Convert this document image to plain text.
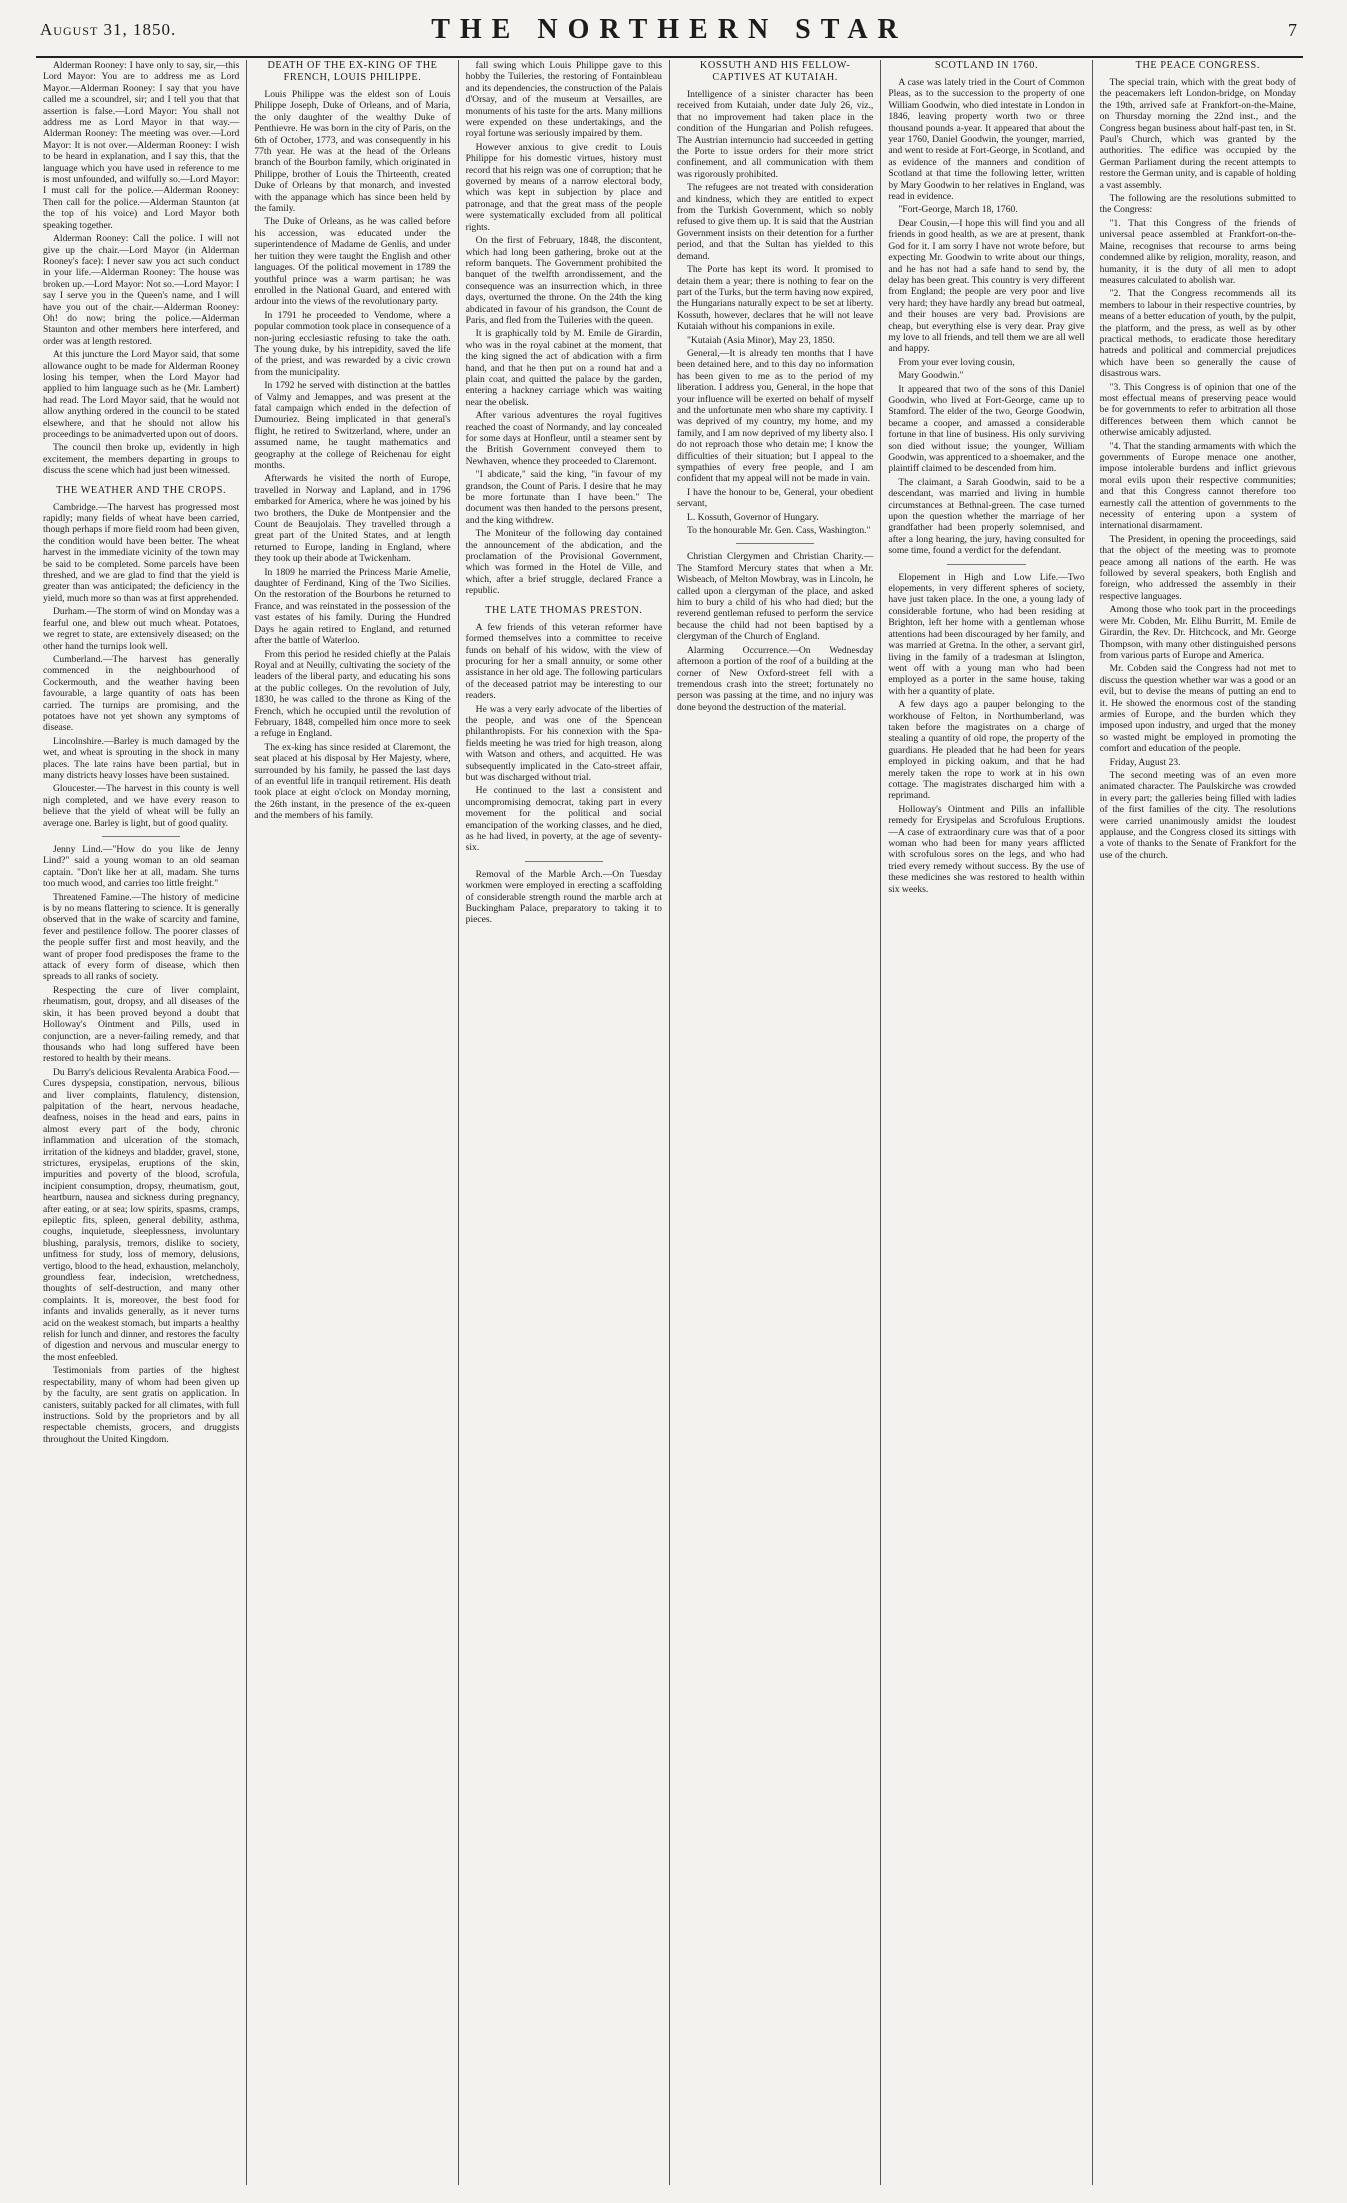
August 31, 1850.	THE NORTHERN STAR	7

Alderman Rooney: I have only to say, sir,—this Lord Mayor: You are to address me as Lord Mayor.—Alderman Rooney: I say that you have called me a scoundrel, sir; and I tell you that that assertion is false.—Lord Mayor: You shall not address me as Lord Mayor in that way.—Alderman Rooney: The meeting was over.—Lord Mayor: It is not over.—Alderman Rooney: I wish to be heard in explanation, and I say this, that the language which you have used in reference to me is most unfounded, and wilfully so.—Lord Mayor: I must call for the police.—Alderman Rooney: Then call for the police.—Alderman Staunton (at the top of his voice) and Lord Mayor both speaking together.

Alderman Rooney: Call the police. I will not give up the chair.—Lord Mayor (in Alderman Rooney's face): I never saw you act such conduct in your life.—Alderman Rooney: The house was broken up.—Lord Mayor: Not so.—Lord Mayor: I say I serve you in the Queen's name, and I will have you out of the chair.—Alderman Rooney: Oh! do now; bring the police.—Alderman Staunton and other members here interfered, and order was at length restored.

At this juncture the Lord Mayor said, that some allowance ought to be made for Alderman Rooney losing his temper, when the Lord Mayor had applied to him language such as he (Mr. Lambert) had read. The Lord Mayor said, that he would not allow anything ordered in the council to be stated elsewhere, and that he should not allow his proceedings to be animadverted upon out of doors.

The council then broke up, evidently in high excitement, the members departing in groups to discuss the scene which had just been witnessed.

THE WEATHER AND THE CROPS.

Cambridge.—The harvest has progressed most rapidly; many fields of wheat have been carried, though perhaps if more field room had been given, the condition would have been better. The wheat harvest in the immediate vicinity of the town may be said to be completed. Some parcels have been threshed, and we are glad to find that the yield is greater than was anticipated; the deficiency in the yield, much more so than was at first apprehended.

Durham.—The storm of wind on Monday was a fearful one, and blew out much wheat. Potatoes, we regret to state, are extensively diseased; on the other hand the turnips look well.

Cumberland.—The harvest has generally commenced in the neighbourhood of Cockermouth, and the weather having been favourable, a large quantity of oats has been carried. The turnips are promising, and the potatoes have not yet shown any symptoms of disease.

Lincolnshire.—Barley is much damaged by the wet, and wheat is sprouting in the shock in many places. The late rains have been partial, but in many districts heavy losses have been sustained.

Gloucester.—The harvest in this county is well nigh completed, and we have every reason to believe that the yield of wheat will be fully an average one. Barley is light, but of good quality.

Jenny Lind.—"How do you like de Jenny Lind?" said a young woman to an old seaman captain. "Don't like her at all, madam. She turns too much wood, and carries too little freight."

Threatened Famine.—The history of medicine is by no means flattering to science. It is generally observed that in the wake of scarcity and famine, fever and pestilence follow. The poorer classes of the people suffer first and most heavily, and the want of proper food predisposes the frame to the attack of every form of disease, which then spreads to all ranks of society.

Respecting the cure of liver complaint, rheumatism, gout, dropsy, and all diseases of the skin, it has been proved beyond a doubt that Holloway's Ointment and Pills, used in conjunction, are a never-failing remedy, and that thousands who had long suffered have been restored to health by their means.

Du Barry's delicious Revalenta Arabica Food.—Cures dyspepsia, constipation, nervous, bilious and liver complaints, flatulency, distension, palpitation of the heart, nervous headache, deafness, noises in the head and ears, pains in almost every part of the body, chronic inflammation and ulceration of the stomach, irritation of the kidneys and bladder, gravel, stone, strictures, erysipelas, eruptions of the skin, impurities and poverty of the blood, scrofula, incipient consumption, dropsy, rheumatism, gout, heartburn, nausea and sickness during pregnancy, after eating, or at sea; low spirits, spasms, cramps, epileptic fits, spleen, general debility, asthma, coughs, inquietude, sleeplessness, involuntary blushing, paralysis, tremors, dislike to society, unfitness for study, loss of memory, delusions, vertigo, blood to the head, exhaustion, melancholy, groundless fear, indecision, wretchedness, thoughts of self-destruction, and many other complaints. It is, moreover, the best food for infants and invalids generally, as it never turns acid on the weakest stomach, but imparts a healthy relish for lunch and dinner, and restores the faculty of digestion and nervous and muscular energy to the most enfeebled.

Testimonials from parties of the highest respectability, many of whom had been given up by the faculty, are sent gratis on application. In canisters, suitably packed for all climates, with full instructions. Sold by the proprietors and by all respectable chemists, grocers, and druggists throughout the United Kingdom.

DEATH OF THE EX-KING OF THE FRENCH, LOUIS PHILIPPE.

Louis Philippe was the eldest son of Louis Philippe Joseph, Duke of Orleans, and of Maria, the only daughter of the wealthy Duke of Penthievre. He was born in the city of Paris, on the 6th of October, 1773, and was consequently in his 77th year. He was at the head of the Orleans branch of the Bourbon family, which originated in Philippe, brother of Louis the Thirteenth, created Duke of Orleans by that monarch, and invested with the appanage which has since been held by the family.

The Duke of Orleans, as he was called before his accession, was educated under the superintendence of Madame de Genlis, and under her tuition they were taught the English and other languages. Of the political movement in 1789 the youthful prince was a warm partisan; he was enrolled in the National Guard, and entered with ardour into the views of the revolutionary party.

In 1791 he proceeded to Vendome, where a popular commotion took place in consequence of a non-juring ecclesiastic refusing to take the oath. The young duke, by his intrepidity, saved the life of the priest, and was rewarded by a civic crown from the municipality.

In 1792 he served with distinction at the battles of Valmy and Jemappes, and was present at the fatal campaign which ended in the defection of Dumouriez. Being implicated in that general's flight, he retired to Switzerland, where, under an assumed name, he taught mathematics and geography at the college of Reichenau for eight months.

Afterwards he visited the north of Europe, travelled in Norway and Lapland, and in 1796 embarked for America, where he was joined by his two brothers, the Duke de Montpensier and the Count de Beaujolais. They travelled through a great part of the United States, and at length returned to Europe, landing in England, where they took up their abode at Twickenham.

In 1809 he married the Princess Marie Amelie, daughter of Ferdinand, King of the Two Sicilies. On the restoration of the Bourbons he returned to France, and was reinstated in the possession of the vast estates of his family. During the Hundred Days he again retired to England, and returned after the battle of Waterloo.

From this period he resided chiefly at the Palais Royal and at Neuilly, cultivating the society of the leaders of the liberal party, and educating his sons at the public colleges. On the revolution of July, 1830, he was called to the throne as King of the French, which he occupied until the revolution of February, 1848, compelled him once more to seek a refuge in England.

The ex-king has since resided at Claremont, the seat placed at his disposal by Her Majesty, where, surrounded by his family, he passed the last days of an eventful life in tranquil retirement. His death took place at eight o'clock on Monday morning, the 26th instant, in the presence of the ex-queen and the members of his family.

fall swing which Louis Philippe gave to this hobby the Tuileries, the restoring of Fontainbleau and its dependencies, the construction of the Palais d'Orsay, and of the museum at Versailles, are monuments of his taste for the arts. Many millions were expended on these undertakings, and the royal fortune was seriously impaired by them.

However anxious to give credit to Louis Philippe for his domestic virtues, history must record that his reign was one of corruption; that he governed by means of a narrow electoral body, which was kept in subjection by place and patronage, and that the great mass of the people were systematically excluded from all political rights.

On the first of February, 1848, the discontent, which had long been gathering, broke out at the reform banquets. The Government prohibited the banquet of the twelfth arrondissement, and the consequence was an insurrection which, in three days, overturned the throne. On the 24th the king abdicated in favour of his grandson, the Count de Paris, and fled from the Tuileries with the queen.

It is graphically told by M. Emile de Girardin, who was in the royal cabinet at the moment, that the king signed the act of abdication with a firm hand, and that he then put on a round hat and a plain coat, and quitted the palace by the garden, entering a hackney carriage which was waiting near the obelisk.

After various adventures the royal fugitives reached the coast of Normandy, and lay concealed for some days at Honfleur, until a steamer sent by the British Government conveyed them to Newhaven, whence they proceeded to Claremont.

"I abdicate," said the king, "in favour of my grandson, the Count of Paris. I desire that he may be more fortunate than I have been." The document was then handed to the persons present, and the king withdrew.

The Moniteur of the following day contained the announcement of the abdication, and the proclamation of the Provisional Government, which was formed in the Hotel de Ville, and which, after a brief struggle, declared France a republic.

THE LATE THOMAS PRESTON.

A few friends of this veteran reformer have formed themselves into a committee to receive funds on behalf of his widow, with the view of procuring for her a small annuity, or some other assistance in her old age. The following particulars of the deceased patriot may be interesting to our readers.

He was a very early advocate of the liberties of the people, and was one of the Spencean philanthropists. For his connexion with the Spa-fields meeting he was tried for high treason, along with Watson and others, and acquitted. He was subsequently implicated in the Cato-street affair, but was discharged without trial.

He continued to the last a consistent and uncompromising democrat, taking part in every movement for the political and social emancipation of the working classes, and he died, as he had lived, in poverty, at the age of seventy-six.

Removal of the Marble Arch.—On Tuesday workmen were employed in erecting a scaffolding of considerable strength round the marble arch at Buckingham Palace, preparatory to taking it to pieces.

KOSSUTH AND HIS FELLOW-CAPTIVES AT KUTAIAH.

Intelligence of a sinister character has been received from Kutaiah, under date July 26, viz., that no improvement had taken place in the condition of the Hungarian and Polish refugees. The Austrian internuncio had succeeded in getting the Porte to issue orders for their more strict confinement, and all communication with them was rigorously prohibited.

The refugees are not treated with consideration and kindness, which they are entitled to expect from the Turkish Government, which so nobly refused to give them up. It is said that the Austrian Government insists on their detention for a further period, and that the Sultan has yielded to this demand.

The Porte has kept its word. It promised to detain them a year; there is nothing to fear on the part of the Turks, but the term having now expired, the Hungarians naturally expect to be set at liberty. Kossuth, however, declares that he will not leave Kutaiah without his companions in exile.

"Kutaiah (Asia Minor), May 23, 1850.

General,—It is already ten months that I have been detained here, and to this day no information has been given to me as to the period of my liberation. I address you, General, in the hope that your influence will be exerted on behalf of myself and the unfortunate men who share my captivity. I was deprived of my country, my home, and my family, and I am now deprived of my liberty also. I do not reproach those who detain me; I know the difficulties of their situation; but I appeal to the sympathies of every free people, and I am confident that my appeal will not be made in vain.

I have the honour to be, General, your obedient servant,

L. Kossuth, Governor of Hungary.

To the honourable Mr. Gen. Cass, Washington."

Christian Clergymen and Christian Charity.—The Stamford Mercury states that when a Mr. Wisbeach, of Melton Mowbray, was in Lincoln, he called upon a clergyman of the place, and asked him to bury a child of his who had died; but the reverend gentleman refused to perform the service because the child had not been baptised by a clergyman of the Church of England.

Alarming Occurrence.—On Wednesday afternoon a portion of the roof of a building at the corner of New Oxford-street fell with a tremendous crash into the street; fortunately no person was passing at the time, and no injury was done beyond the destruction of the material.

SCOTLAND IN 1760.

A case was lately tried in the Court of Common Pleas, as to the succession to the property of one William Goodwin, who died intestate in London in 1846, leaving property worth two or three thousand pounds a-year. It appeared that about the year 1760, Daniel Goodwin, the younger, married, and went to reside at Fort-George, in Scotland, and as evidence of the manners and condition of Scotland at that time the following letter, written by Mary Goodwin to her relatives in England, was read in evidence.

"Fort-George, March 18, 1760.

Dear Cousin,—I hope this will find you and all friends in good health, as we are at present, thank God for it. I am sorry I have not wrote before, but expecting Mr. Goodwin to write about our things, and he has not had a safe hand to send by, the delay has been great. This country is very different from England; the people are very poor and live very hard; they have hardly any bread but oatmeal, and their houses are very bad. Provisions are cheap, but everything else is very dear. Pray give my love to all friends, and tell them we are all well and happy.

From your ever loving cousin,

Mary Goodwin."

It appeared that two of the sons of this Daniel Goodwin, who lived at Fort-George, came up to Stamford. The elder of the two, George Goodwin, became a cooper, and amassed a considerable fortune in that line of business. His only surviving son died without issue; the younger, William Goodwin, was apprenticed to a shoemaker, and the plaintiff claimed to be descended from him.

The claimant, a Sarah Goodwin, said to be a descendant, was married and living in humble circumstances at Bethnal-green. The case turned upon the question whether the marriage of her grandfather had been properly solemnised, and after a long hearing, the jury, having consulted for some time, found a verdict for the defendant.

Elopement in High and Low Life.—Two elopements, in very different spheres of society, have just taken place. In the one, a young lady of considerable fortune, who had been residing at Brighton, left her home with a gentleman whose attentions had been discouraged by her family, and was married at Gretna. In the other, a servant girl, living in the family of a tradesman at Islington, went off with a young man who had been employed as a porter in the same house, taking with her a quantity of plate.

A few days ago a pauper belonging to the workhouse of Felton, in Northumberland, was taken before the magistrates on a charge of stealing a quantity of old rope, the property of the guardians. He pleaded that he had been for years employed in picking oakum, and that he had merely taken the rope to work at in his own cottage. The magistrates discharged him with a reprimand.

Holloway's Ointment and Pills an infallible remedy for Erysipelas and Scrofulous Eruptions.—A case of extraordinary cure was that of a poor woman who had been for many years afflicted with scrofulous sores on the legs, and who had tried every remedy without success. By the use of these medicines she was restored to health within six weeks.

THE PEACE CONGRESS.

The special train, which with the great body of the peacemakers left London-bridge, on Monday the 19th, arrived safe at Frankfort-on-the-Maine, on Thursday morning the 22nd inst., and the Congress began business about half-past ten, in St. Paul's Church, which was granted by the authorities. The edifice was occupied by the German Parliament during the recent attempts to restore the German unity, and is capable of holding a vast assembly.

The following are the resolutions submitted to the Congress:

"1. That this Congress of the friends of universal peace assembled at Frankfort-on-the-Maine, recognises that recourse to arms being condemned alike by religion, morality, reason, and humanity, it is the duty of all men to adopt measures calculated to abolish war.

"2. That the Congress recommends all its members to labour in their respective countries, by means of a better education of youth, by the pulpit, the platform, and the press, as well as by other practical methods, to eradicate those hereditary hatreds and political and commercial prejudices which have been so generally the cause of disastrous wars.

"3. This Congress is of opinion that one of the most effectual means of preserving peace would be for governments to refer to arbitration all those differences between them which cannot be otherwise amicably adjusted.

"4. That the standing armaments with which the governments of Europe menace one another, impose intolerable burdens and inflict grievous moral evils upon their respective communities; and that this Congress cannot therefore too earnestly call the attention of governments to the necessity of entering upon a system of international disarmament.

The President, in opening the proceedings, said that the object of the meeting was to promote peace among all nations of the earth. He was followed by several speakers, both English and foreign, who addressed the assembly in their respective languages.

Among those who took part in the proceedings were Mr. Cobden, Mr. Elihu Burritt, M. Emile de Girardin, the Rev. Dr. Hitchcock, and Mr. George Thompson, with many other distinguished persons from various parts of Europe and America.

Mr. Cobden said the Congress had not met to discuss the question whether war was a good or an evil, but to devise the means of putting an end to it. He showed the enormous cost of the standing armies of Europe, and the burden which they imposed upon industry, and urged that the money so wasted might be employed in promoting the comfort and education of the people.

Friday, August 23.

The second meeting was of an even more animated character. The Paulskirche was crowded in every part; the galleries being filled with ladies of the first families of the city. The resolutions were carried unanimously amidst the loudest applause, and the Congress closed its sittings with a vote of thanks to the Senate of Frankfort for the use of the church.
